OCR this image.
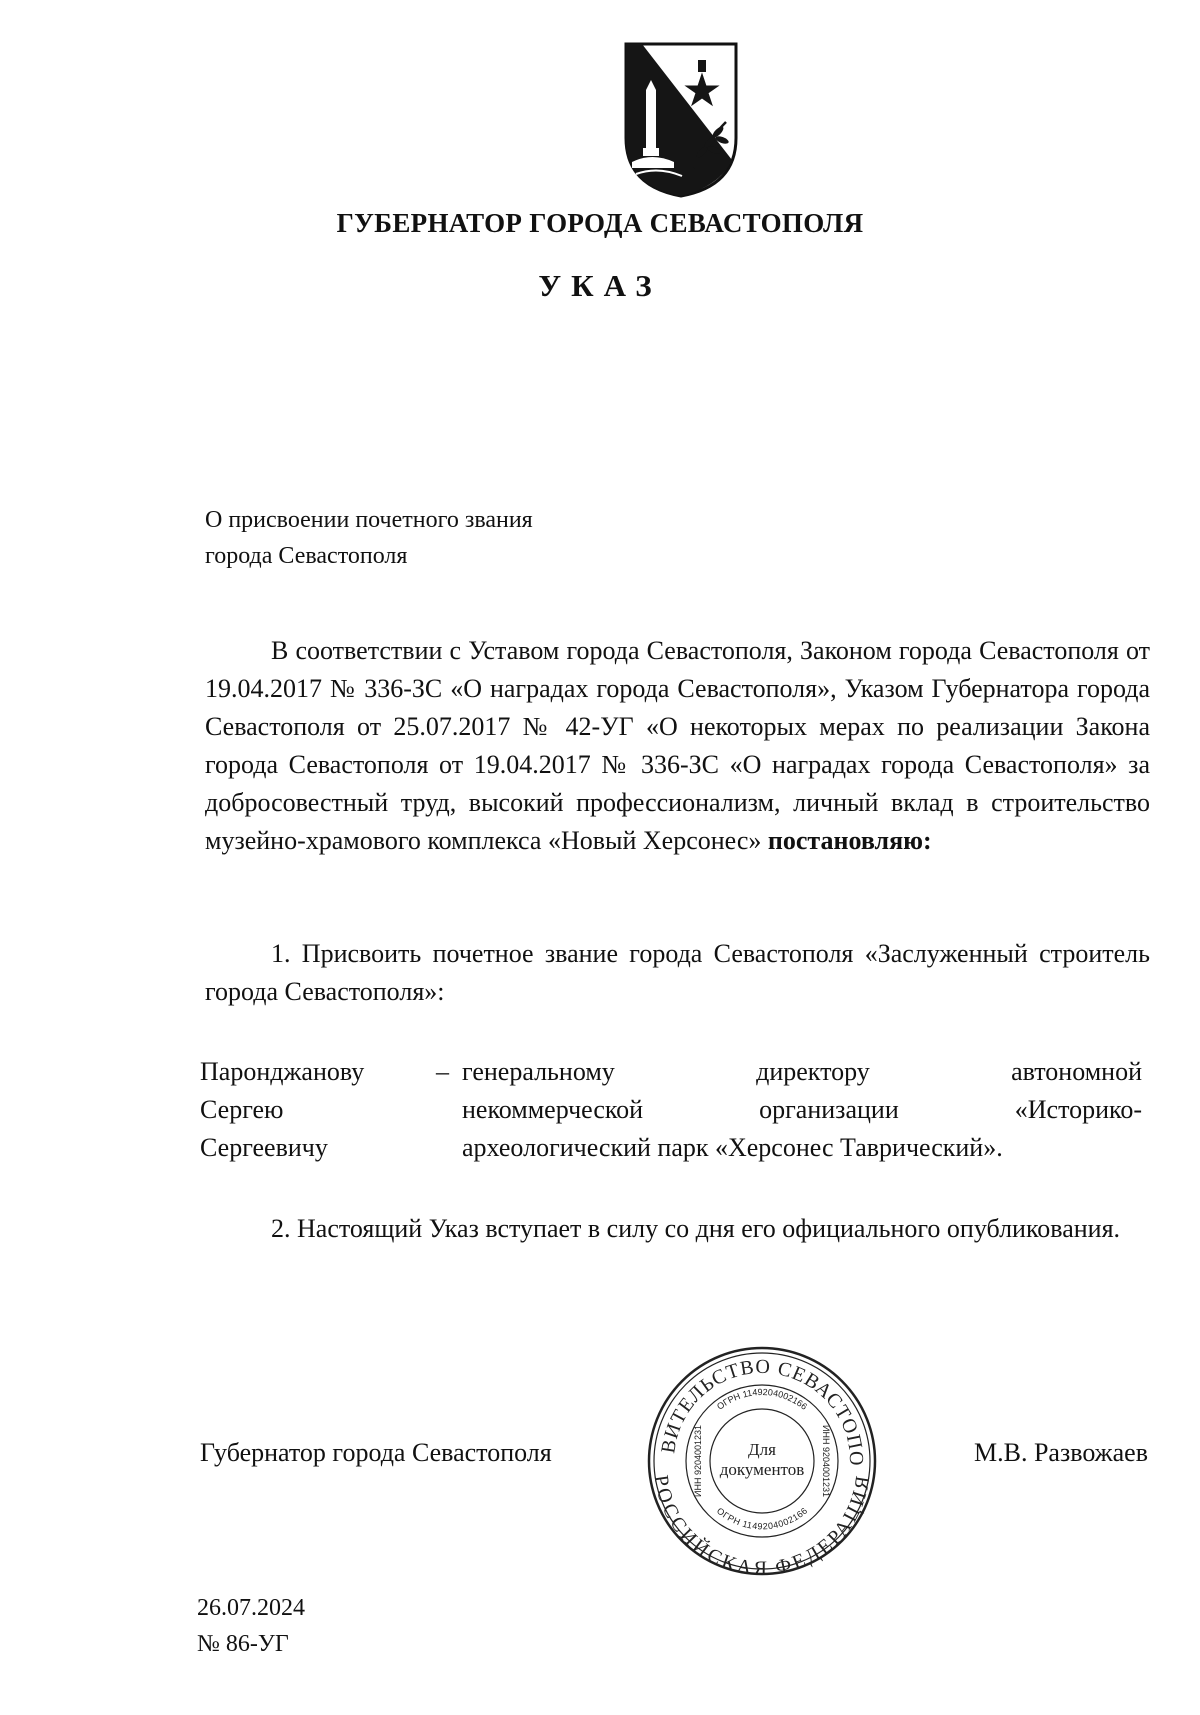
ГУБЕРНАТОР ГОРОДА СЕВАСТОПОЛЯ
УКАЗ
О присвоении почетного звания
города Севастополя
В соответствии с Уставом города Севастополя, Законом города Севастополя от 19.04.2017 № 336-ЗС «О наградах города Севастополя», Указом Губернатора города Севастополя от 25.07.2017 № 42-УГ «О некоторых мерах по реализации Закона города Севастополя от 19.04.2017 № 336-ЗС «О наградах города Севастополя» за добросовестный труд, высокий профессионализм, личный вклад в строительство музейно-храмового комплекса «Новый Херсонес» постановляю:
1. Присвоить почетное звание города Севастополя «Заслуженный строитель города Севастополя»:
Паронджанову
Сергею
Сергеевичу
– генеральному директору автономной
некоммерческой организации «Историко-
археологический парк «Херсонес Таврический».
2. Настоящий Указ вступает в силу со дня его официального опубликования.
Губернатор города Севастополя	М.В. Развожаев
ВИТЕЛЬСТВО СЕВАСТОПО
РОССИЙСКАЯ ФЕДЕРАЦИЯ
ОГРН 1149204002166
ОГРН 1149204002166
ИНН 9204001231	ИНН 9204001231
Для
документов
26.07.2024
№ 86-УГ
